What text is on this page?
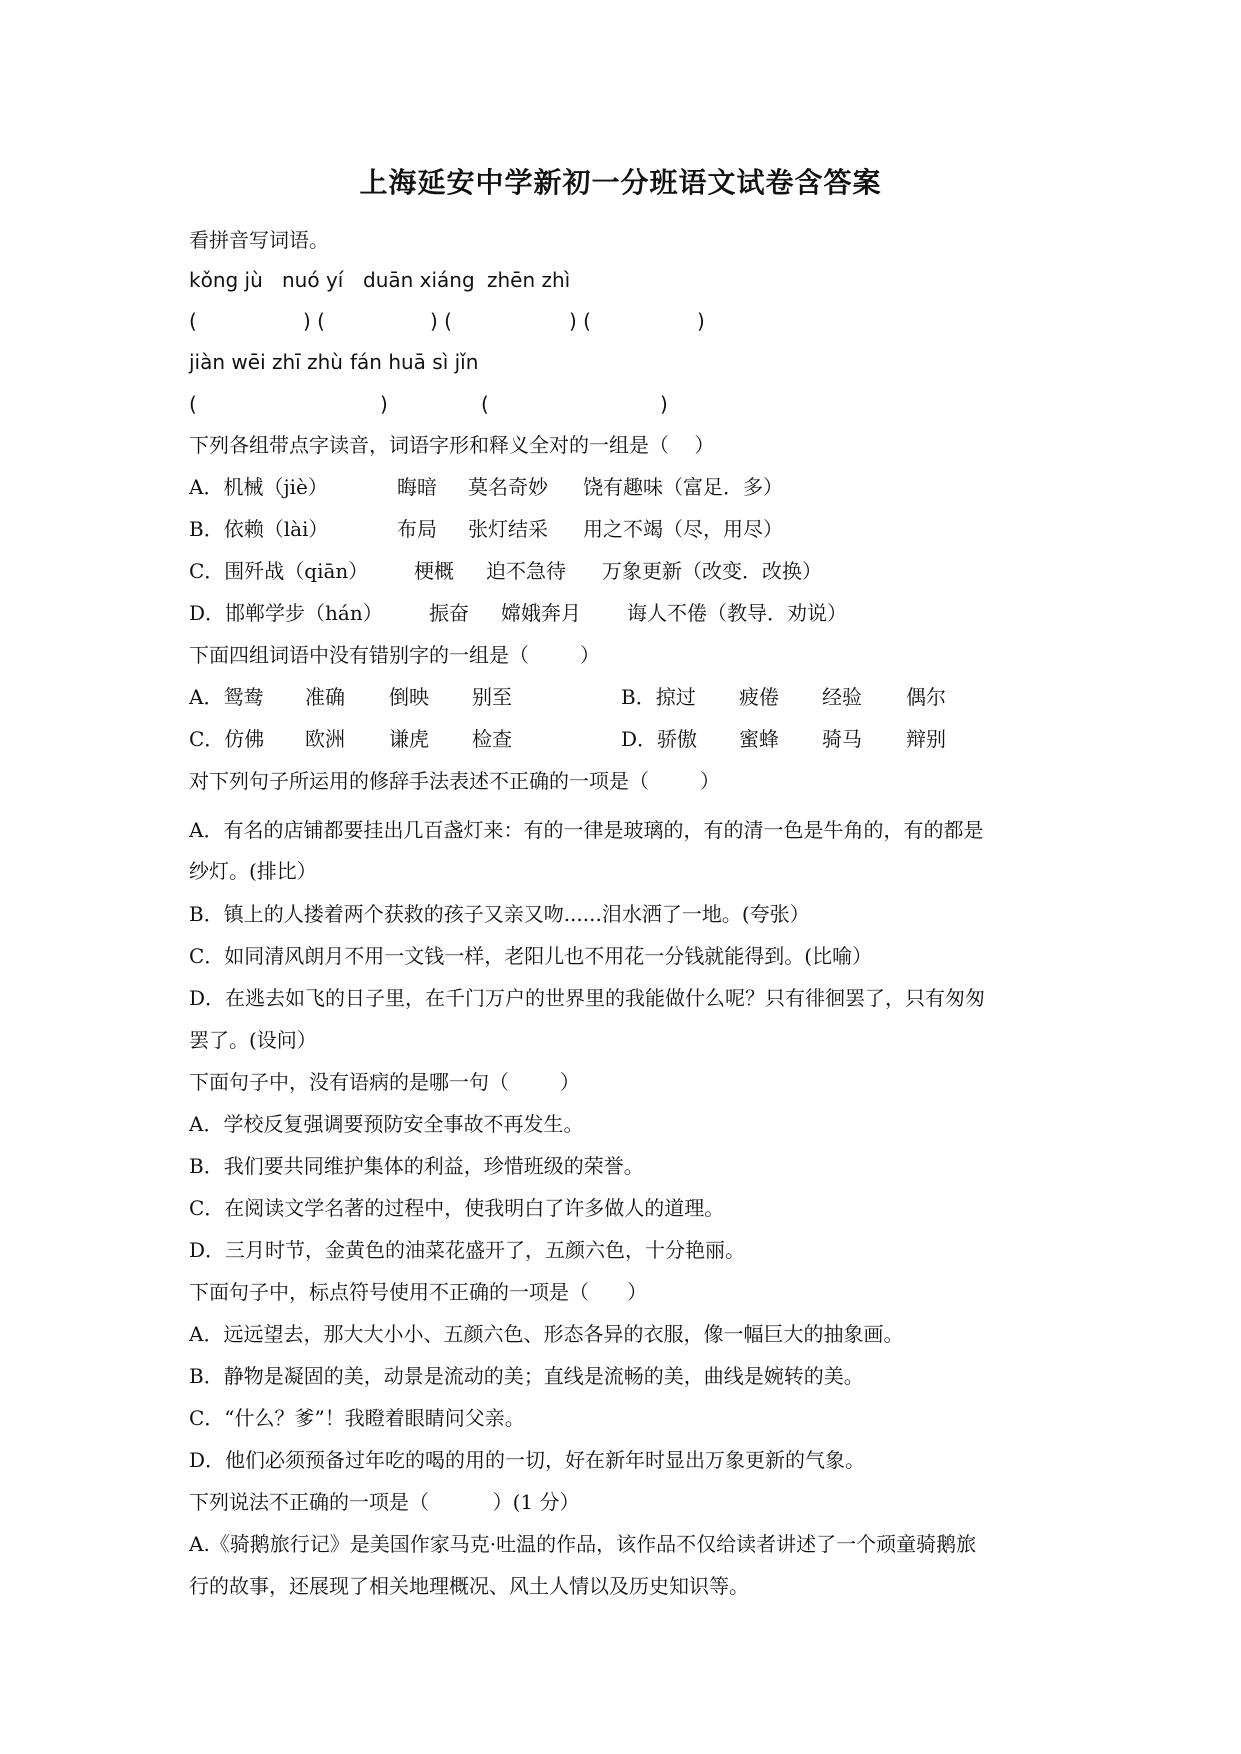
上海延安中学新初一分班语文试卷含答案
看拼音写词语。
kǒng jù nuó yí duān xiáng zhēn zhì
(	) (	) (	) (	)
jiàn wēi zhī zhù fán huā sì jǐn
(	)	(	)
下列各组带点字读音，词语字形和释义全对的一组是（    ）
A．机械（jiè）	晦暗 莫名奇妙 饶有趣味（富足．多）
B．依赖（lài）	布局 张灯结采 用之不竭（尽，用尽）
C．围歼战（qiān） 梗概 迫不急待 万象更新（改变．改换）
D．邯郸学步（hán） 振奋 嫦娥奔月 诲人不倦（教导．劝说）
下面四组词语中没有错别字的一组是（        ）
A．鸳鸯 准确 倒映 别至	B．掠过 疲倦 经验 偶尔
C．仿佛 欧洲 谦虎 检查	D．骄傲 蜜蜂 骑马 辩别
对下列句子所运用的修辞手法表述不正确的一项是（        ）
A．有名的店铺都要挂出几百盏灯来：有的一律是玻璃的，有的清一色是牛角的，有的都是
纱灯。(排比）
B．镇上的人搂着两个获救的孩子又亲又吻......泪水洒了一地。(夸张）
C．如同清风朗月不用一文钱一样，老阳儿也不用花一分钱就能得到。(比喻）
D．在逃去如飞的日子里，在千门万户的世界里的我能做什么呢？只有徘徊罢了，只有匆匆
罢了。(设问）
下面句子中，没有语病的是哪一句（        ）
A．学校反复强调要预防安全事故不再发生。
B．我们要共同维护集体的利益，珍惜班级的荣誉。
C．在阅读文学名著的过程中，使我明白了许多做人的道理。
D．三月时节，金黄色的油菜花盛开了，五颜六色，十分艳丽。
下面句子中，标点符号使用不正确的一项是（      ）
A．远远望去，那大大小小、五颜六色、形态各异的衣服，像一幅巨大的抽象画。
B．静物是凝固的美，动景是流动的美；直线是流畅的美，曲线是婉转的美。
C．“什么？爹”！我瞪着眼睛问父亲。
D．他们必须预备过年吃的喝的用的一切，好在新年时显出万象更新的气象。
下列说法不正确的一项是（          ）(1 分）
A.《骑鹅旅行记》是美国作家马克·吐温的作品，该作品不仅给读者讲述了一个顽童骑鹅旅
行的故事，还展现了相关地理概况、风土人情以及历史知识等。
